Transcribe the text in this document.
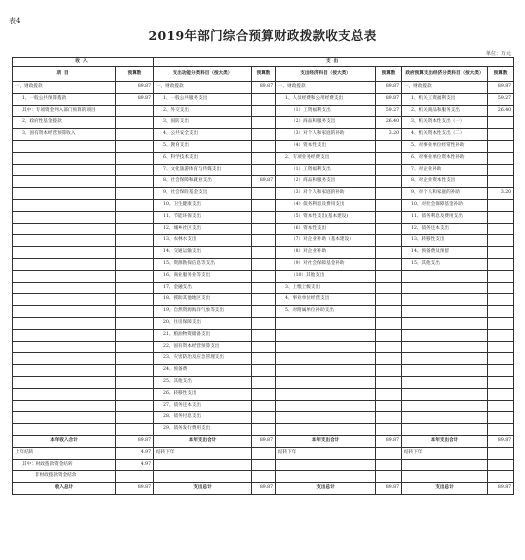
表4
2019年部门综合预算财政拨款收支总表
单位：万元
收入		支出					
项目	预算数	支出功能分类科目（按大类）	预算数	支出经济科目（按大类）	预算数	政府预算支出经济分类科目（按大类）	预算数
一、财政拨款	89.87	一、财政拨款	89.87	一、财政拨款	89.87	一、财政拨款	89.87
1、一般公共预算拨款	89.87	1、一般公共服务支出		1、人员经费和公用经费支出	89.87	1、机关工资福利支出	59.27
其中：专项资金列入部门预算的项目		2、外交支出		（1）工资福利支出	59.27	2、机关商品和服务支出	26.40
2、政府性基金拨款		3、国防支出		（2）商品和服务支出	26.40	3、机关资本性支出（一）	
3、国有资本经营预算收入		4、公共安全支出		（3）对个人和家庭的补助	3.20	4、机关资本性支出（二）	
		5、教育支出		（4）资本性支出		5、对事业单位经常性补助	
		6、科学技术支出		2、专项业务经费支出		6、对事业单位资本性补助	
		7、文化旅游体育与传媒支出		（1）工资福利支出		7、对企业补助	
		8、社会保障和就业支出	89.87	（2）商品和服务支出		8、对企业资本性支出	
		9、社会保险基金支出		（3）对个人和家庭的补助		9、对个人和家庭的补助	3.20
		10、卫生健康支出		（4）债务利息及费用支出		10、对社会保障基金补助	
		11、节能环保支出		（5）资本性支出(基本建设)		11、债务利息及费用支出	
		12、城乡社区支出		（6）资本性支出		12、债务还本支出	
		13、农林水支出		（7）对企业补助（基本建设）		13、转移性支出	
		14、交通运输支出		（8）对企业补助		14、预备费及预留	
		15、资源勘探信息等支出		（9）对社会保障基金补助		15、其他支出	
		16、商业服务业等支出		（10）其他支出			
		17、金融支出		3、上缴上级支出			
		18、援助其他地区支出		4、事业单位经营支出			
		19、自然资源海洋气象等支出		5、对附属单位补助支出			
		20、住房保障支出					
		21、粮油物资储备支出					
		22、国有资本经营预算支出					
		23、灾害防治及应急管理支出					
		24、预备费					
		25、其他支出					
		26、转移性支出					
		27、债务还本支出					
		28、债务付息支出					
		29、债务发行费用支出					
本年收入合计	89.87	本年支出合计	89.87	本年支出合计	89.87	本年支出合计	89.87
上年结转	4.97	结转下年		结转下年		结转下年	
其中：财政拨款资金结转	4.97						
非财政拨款资金结余							
收入总计	89.87	支出总计	89.87	支出总计	89.87	支出总计	89.87
